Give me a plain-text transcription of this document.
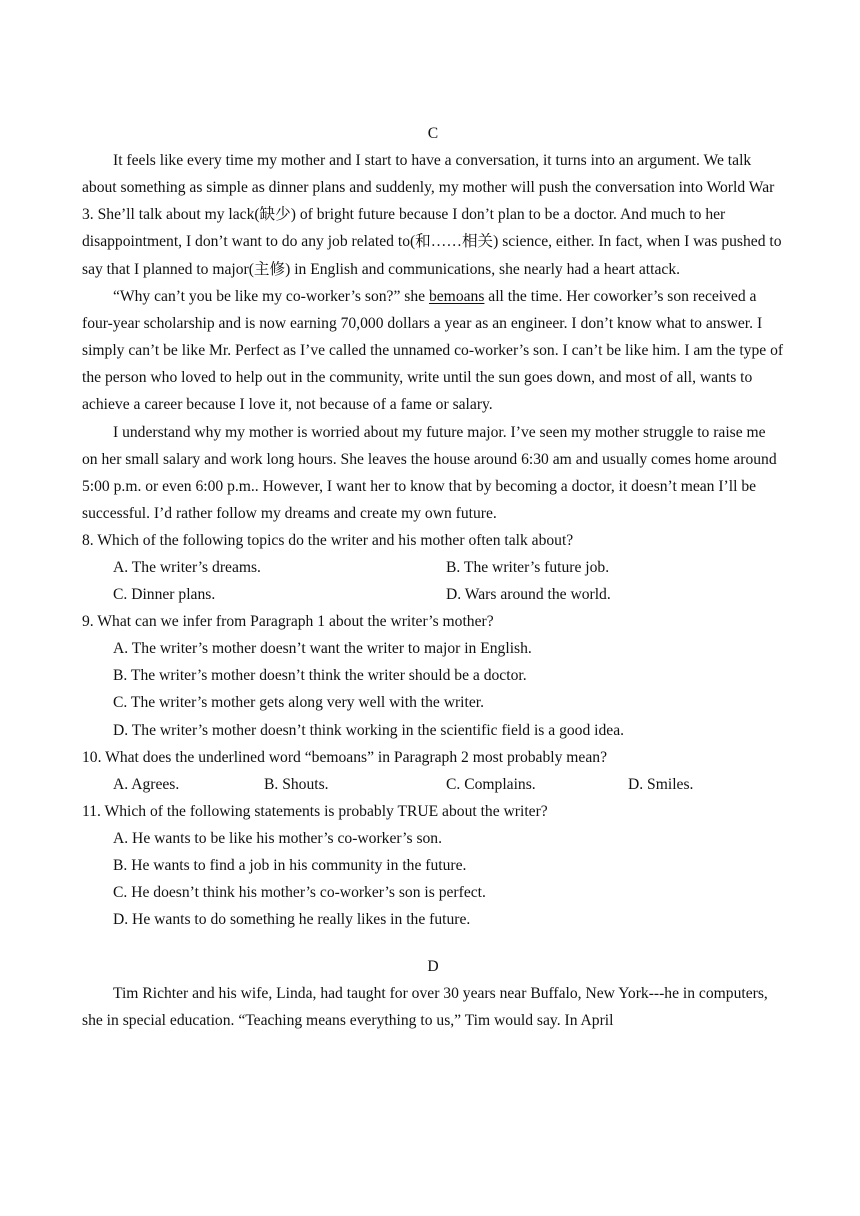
C

It feels like every time my mother and I start to have a conversation, it turns into an argument. We talk about something as simple as dinner plans and suddenly, my mother will push the conversation into World War 3. She’ll talk about my lack(缺少) of bright future because I don’t plan to be a doctor. And much to her disappointment, I don’t want to do any job related to(和……相关) science, either. In fact, when I was pushed to say that I planned to major(主修) in English and communications, she nearly had a heart attack.

“Why can’t you be like my co-worker’s son?” she bemoans all the time. Her coworker’s son received a four-year scholarship and is now earning 70,000 dollars a year as an engineer. I don’t know what to answer. I simply can’t be like Mr. Perfect as I’ve called the unnamed co-worker’s son. I can’t be like him. I am the type of the person who loved to help out in the community, write until the sun goes down, and most of all, wants to achieve a career because I love it, not because of a fame or salary.

I understand why my mother is worried about my future major. I’ve seen my mother struggle to raise me on her small salary and work long hours. She leaves the house around 6:30 am and usually comes home around 5:00 p.m. or even 6:00 p.m.. However, I want her to know that by becoming a doctor, it doesn’t mean I’ll be successful. I’d rather follow my dreams and create my own future.

8. Which of the following topics do the writer and his mother often talk about?

A. The writer’s dreams.	B. The writer’s future job.
C. Dinner plans.	D. Wars around the world.

9. What can we infer from Paragraph 1 about the writer’s mother?

A. The writer’s mother doesn’t want the writer to major in English.

B. The writer’s mother doesn’t think the writer should be a doctor.

C. The writer’s mother gets along very well with the writer.

D. The writer’s mother doesn’t think working in the scientific field is a good idea.

10. What does the underlined word “bemoans” in Paragraph 2 most probably mean?

A. Agrees.	B. Shouts.	C. Complains.	D. Smiles.

11. Which of the following statements is probably TRUE about the writer?

A. He wants to be like his mother’s co-worker’s son.

B. He wants to find a job in his community in the future.

C. He doesn’t think his mother’s co-worker’s son is perfect.

D. He wants to do something he really likes in the future.

D

Tim Richter and his wife, Linda, had taught for over 30 years near Buffalo, New York---he in computers, she in special education. “Teaching means everything to us,” Tim would say. In April
